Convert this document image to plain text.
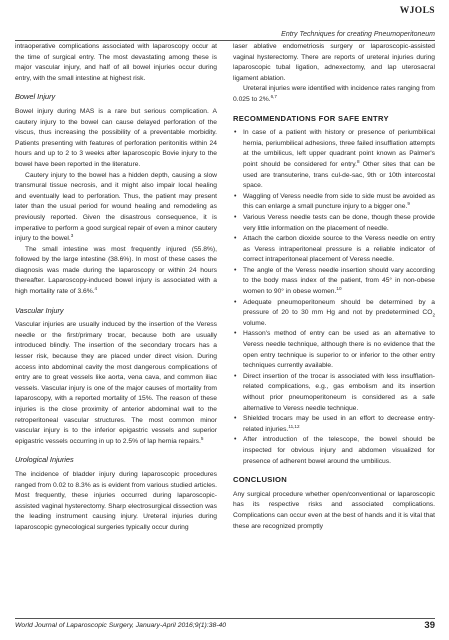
WJOLS
Entry Techniques for creating Pneumoperitoneum

intraoperative complications associated with laparoscopy occur at the time of surgical entry. The most devastating among these is major vascular injury, and half of all bowel injuries occur during entry, with the small intestine at highest risk.

Bowel Injury

Bowel injury during MAS is a rare but serious complication. A cautery injury to the bowel can cause delayed perforation of the viscus, thus increasing the possibility of a preventable morbidity. Patients presenting with features of perforation peritonitis within 24 hours and up to 2 to 3 weeks after laparoscopic Bovie injury to the bowel have been reported in the literature.

Cautery injury to the bowel has a hidden depth, causing a slow transmural tissue necrosis, and it might also impair local healing and eventually lead to perforation. Thus, the patient may present later than the usual period for wound healing and remodeling as previously reported. Given the disastrous consequence, it is imperative to perform a good surgical repair of even a minor cautery injury to the bowel.$^3$

The small intestine was most frequently injured (55.8%), followed by the large intestine (38.6%). In most of these cases the diagnosis was made during the laparoscopy or within 24 hours thereafter. Laparoscopy-induced bowel injury is associated with a high mortality rate of 3.6%.$^4$

Vascular Injury

Vascular injuries are usually induced by the insertion of the Veress needle or the first/primary trocar, because both are usually introduced blindly. The insertion of the secondary trocars has a lesser risk, because they are placed under direct vision. During access into abdominal cavity the most dangerous complications of entry are to great vessels like aorta, vena cava, and common iliac vessels. Vascular injury is one of the major causes of mortality from laparoscopy, with a reported mortality of 15%. The reason of these injuries is the close proximity of anterior abdominal wall to the retroperitoneal vascular structures. The most common minor vascular injury is to the inferior epigastric vessels and superior epigastric vessels occurring in up to 2.5% of lap hernia repairs.$^5$

Urological Injuries

The incidence of bladder injury during laparoscopic procedures ranged from 0.02 to 8.3% as is evident from various studied articles. Most frequently, these injuries occurred during laparoscopic-assisted vaginal hysterectomy. Sharp electrosurgical dissection was the leading instrument causing injury. Ureteral injuries during laparoscopic gynecological surgeries typically occur during

laser ablative endometriosis surgery or laparoscopic-assisted vaginal hysterectomy. There are reports of ureteral injuries during laparoscopic tubal ligation, adnexectomy, and lap uterosacral ligament ablation.

Ureteral injuries were identified with incidence rates ranging from 0.025 to 2%.$^{6,7}$

RECOMMENDATIONS FOR SAFE ENTRY
• In case of a patient with history or presence of periumbilical hernia, periumbilical adhesions, three failed insufflation attempts at the umbilicus, left upper quadrant point known as Palmer's point should be considered for entry.$^8$ Other sites that can be used are transuterine, trans cul-de-sac, 9th or 10th intercostal space.
• Waggling of Veress needle from side to side must be avoided as this can enlarge a small puncture injury to a bigger one.$^9$
• Various Veress needle tests can be done, though these provide very little information on the placement of needle.
• Attach the carbon dioxide source to the Veress needle on entry as Veress intraperitoneal pressure is a reliable indicator of correct intraperitoneal placement of Veress needle.
• The angle of the Veress needle insertion should vary according to the body mass index of the patient, from 45° in non-obese women to 90° in obese women.$^{10}$
• Adequate pneumoperitoneum should be determined by a pressure of 20 to 30 mm Hg and not by predetermined $CO_2$ volume.
• Hasson's method of entry can be used as an alternative to Veress needle technique, although there is no evidence that the open entry technique is superior to or inferior to the other entry techniques currently available.
• Direct insertion of the trocar is associated with less insufflation-related complications, e.g., gas embolism and its insertion without prior pneumoperitoneum is considered as a safe alternative to Veress needle technique.
• Shielded trocars may be used in an effort to decrease entry-related injuries.$^{11,12}$
• After introduction of the telescope, the bowel should be inspected for obvious injury and abdomen visualized for presence of adherent bowel around the umbilicus.
CONCLUSION

Any surgical procedure whether open/conventional or laparoscopic has its respective risks and associated complications. Complications can occur even at the best of hands and it is vital that these are recognized promptly

World Journal of Laparoscopic Surgery, January-April 2016;9(1):38-40	39
